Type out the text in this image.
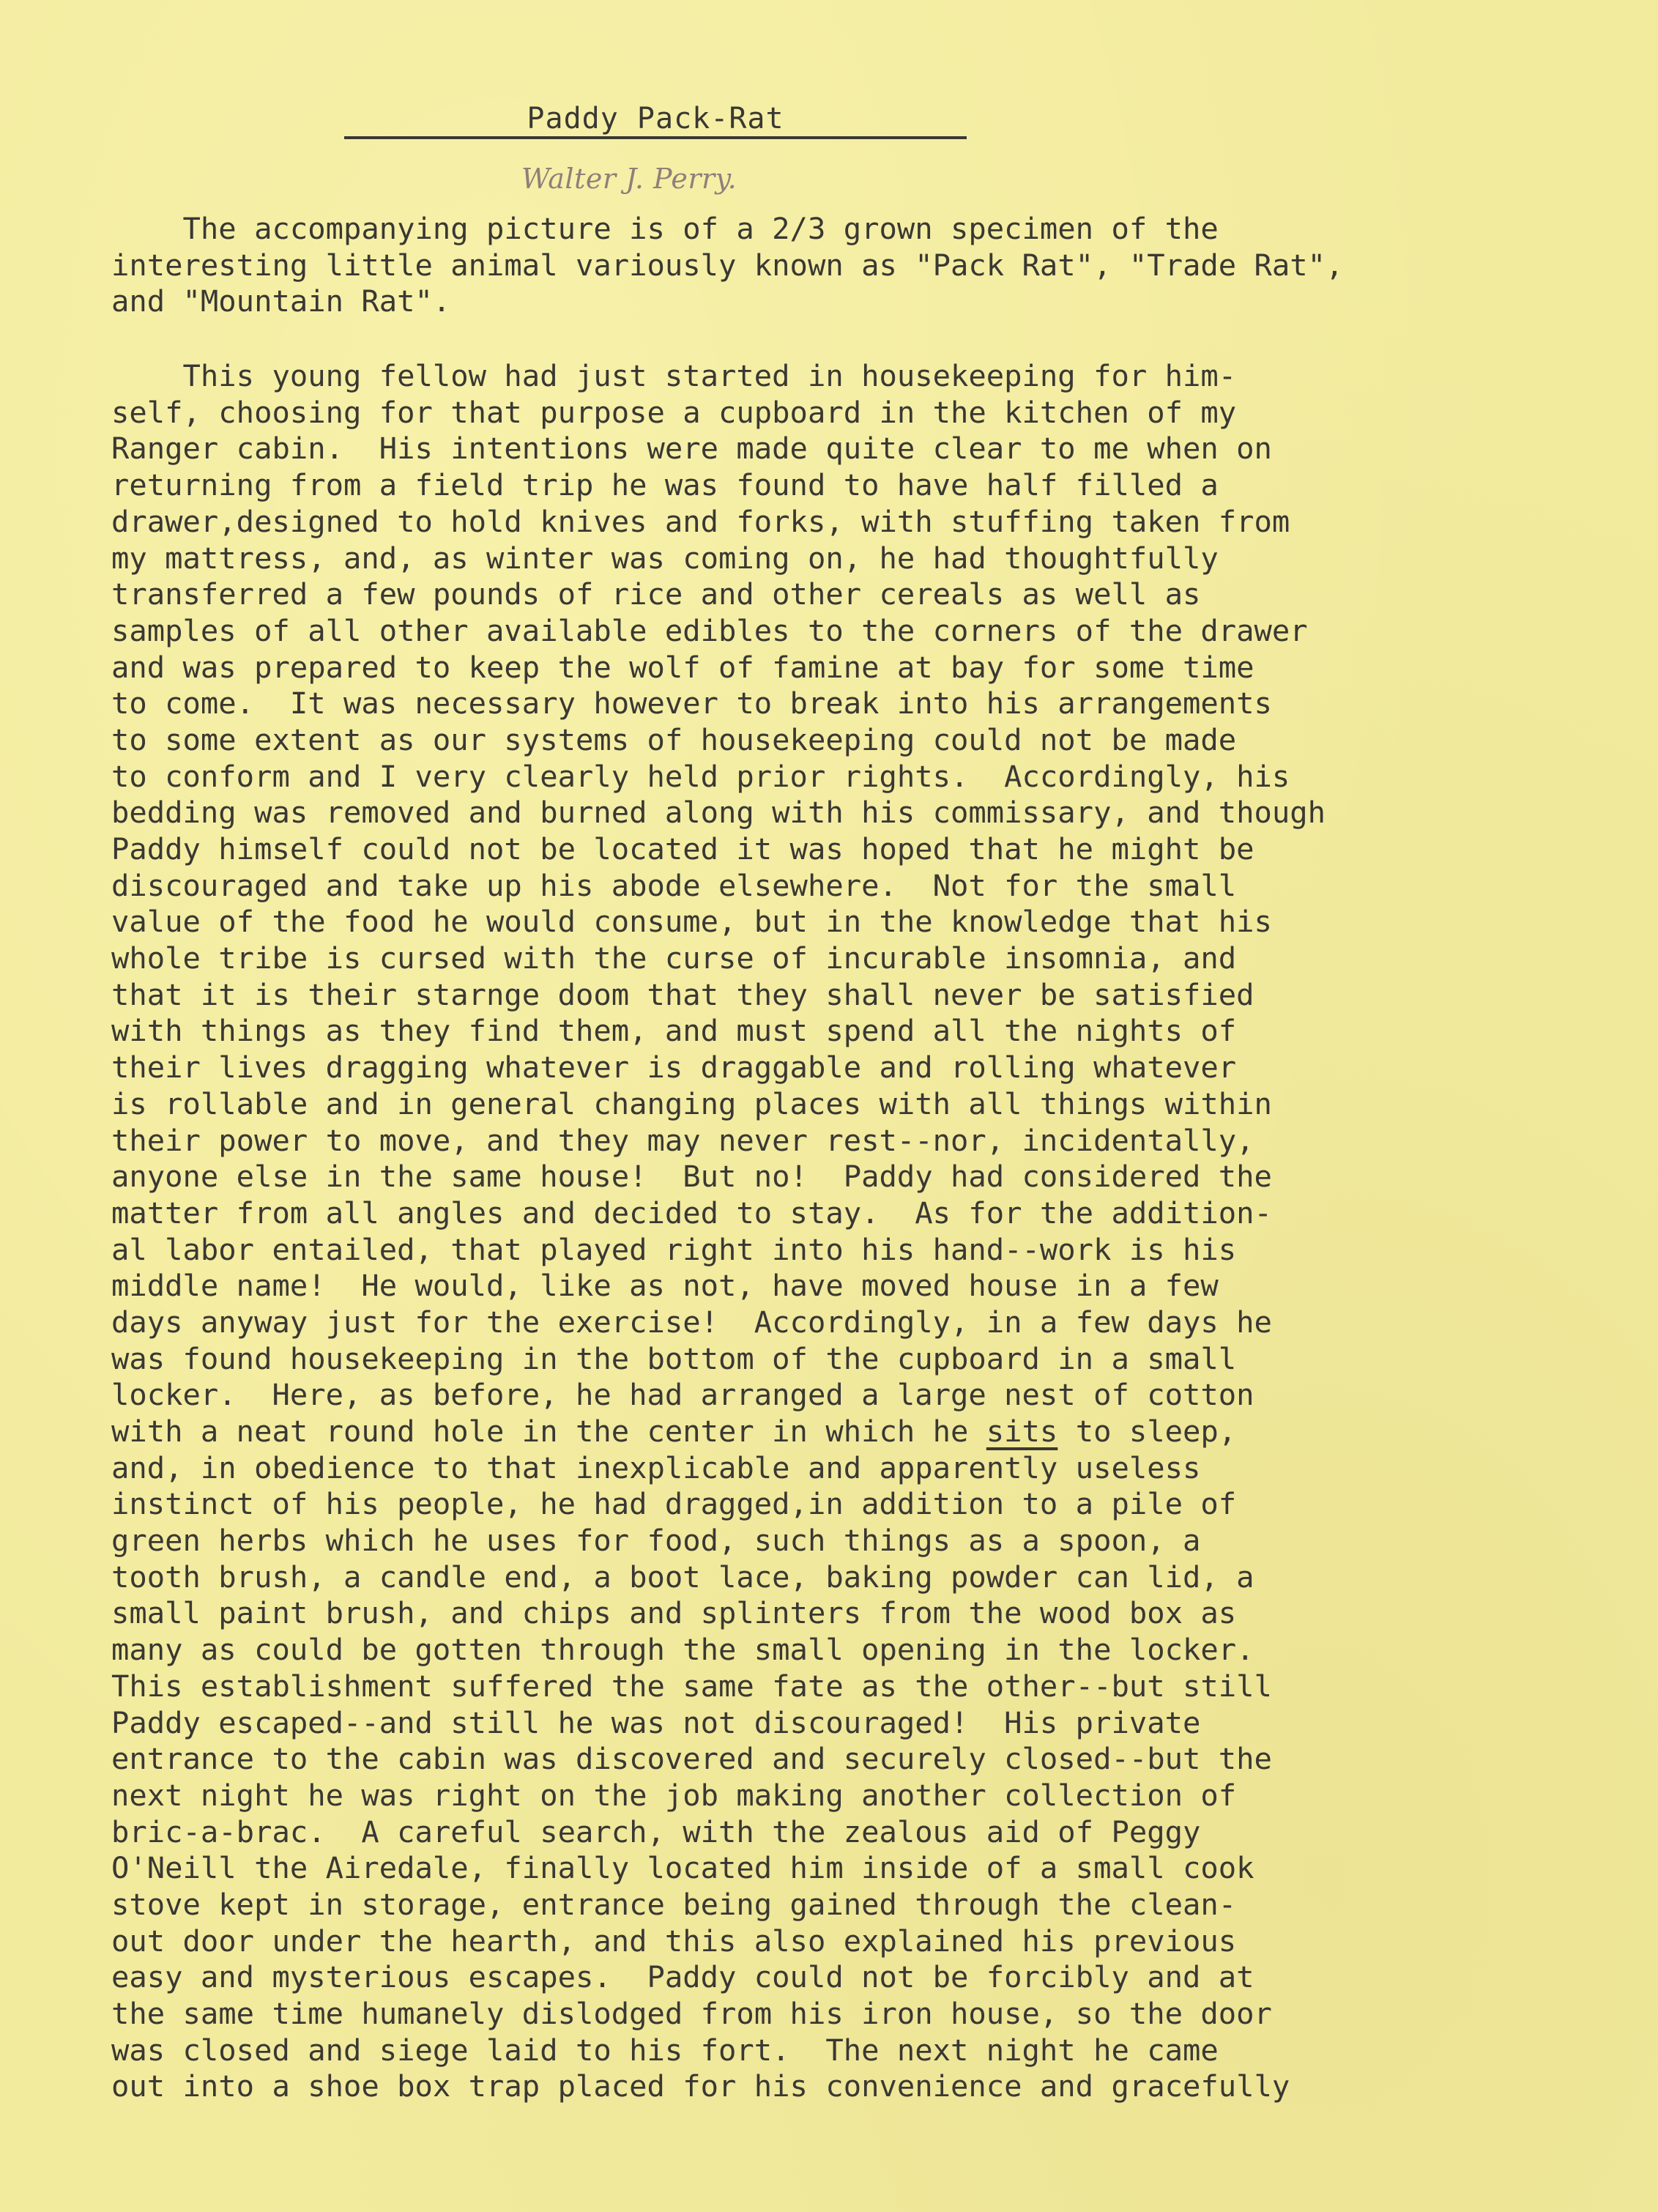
Paddy Pack-Rat
Walter J. Perry.
The accompanying picture is of a 2/3 grown specimen of the
interesting little animal variously known as "Pack Rat", "Trade Rat",
and "Mountain Rat".
This young fellow had just started in housekeeping for him-
self, choosing for that purpose a cupboard in the kitchen of my
Ranger cabin.  His intentions were made quite clear to me when on
returning from a field trip he was found to have half filled a
drawer,designed to hold knives and forks, with stuffing taken from
my mattress, and, as winter was coming on, he had thoughtfully
transferred a few pounds of rice and other cereals as well as
samples of all other available edibles to the corners of the drawer
and was prepared to keep the wolf of famine at bay for some time
to come.  It was necessary however to break into his arrangements
to some extent as our systems of housekeeping could not be made
to conform and I very clearly held prior rights.  Accordingly, his
bedding was removed and burned along with his commissary, and though
Paddy himself could not be located it was hoped that he might be
discouraged and take up his abode elsewhere.  Not for the small
value of the food he would consume, but in the knowledge that his
whole tribe is cursed with the curse of incurable insomnia, and
that it is their starnge doom that they shall never be satisfied
with things as they find them, and must spend all the nights of
their lives dragging whatever is draggable and rolling whatever
is rollable and in general changing places with all things within
their power to move, and they may never rest--nor, incidentally,
anyone else in the same house!  But no!  Paddy had considered the
matter from all angles and decided to stay.  As for the addition-
al labor entailed, that played right into his hand--work is his
middle name!  He would, like as not, have moved house in a few
days anyway just for the exercise!  Accordingly, in a few days he
was found housekeeping in the bottom of the cupboard in a small
locker.  Here, as before, he had arranged a large nest of cotton
with a neat round hole in the center in which he sits to sleep,
and, in obedience to that inexplicable and apparently useless
instinct of his people, he had dragged,in addition to a pile of
green herbs which he uses for food, such things as a spoon, a
tooth brush, a candle end, a boot lace, baking powder can lid, a
small paint brush, and chips and splinters from the wood box as
many as could be gotten through the small opening in the locker.
This establishment suffered the same fate as the other--but still
Paddy escaped--and still he was not discouraged!  His private
entrance to the cabin was discovered and securely closed--but the
next night he was right on the job making another collection of
bric-a-brac.  A careful search, with the zealous aid of Peggy
O'Neill the Airedale, finally located him inside of a small cook
stove kept in storage, entrance being gained through the clean-
out door under the hearth, and this also explained his previous
easy and mysterious escapes.  Paddy could not be forcibly and at
the same time humanely dislodged from his iron house, so the door
was closed and siege laid to his fort.  The next night he came
out into a shoe box trap placed for his convenience and gracefully
